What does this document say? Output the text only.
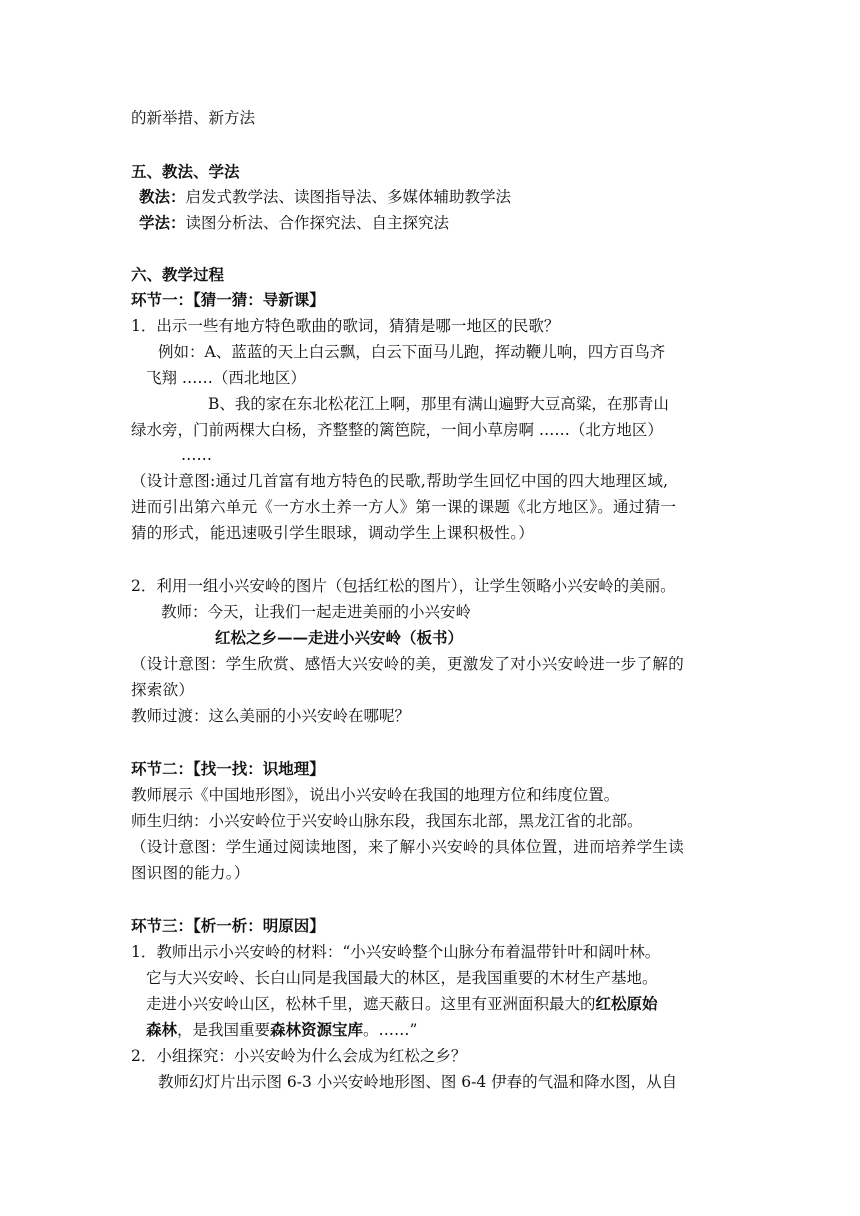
的新举措、新方法
五、教法、学法
教法：启发式教学法、读图指导法、多媒体辅助教学法
学法：读图分析法、合作探究法、自主探究法
六、教学过程
环节一：【猜一猜：导新课】
1．出示一些有地方特色歌曲的歌词，猜猜是哪一地区的民歌？
例如：A、蓝蓝的天上白云飘，白云下面马儿跑，挥动鞭儿响，四方百鸟齐
飞翔 ……（西北地区）
B、我的家在东北松花江上啊，那里有满山遍野大豆高粱，在那青山
绿水旁，门前两棵大白杨，齐整整的篱笆院，一间小草房啊 ……（北方地区）
……
（设计意图:通过几首富有地方特色的民歌,帮助学生回忆中国的四大地理区域,
进而引出第六单元《一方水土养一方人》第一课的课题《北方地区》。通过猜一
猜的形式，能迅速吸引学生眼球，调动学生上课积极性。）
2．利用一组小兴安岭的图片（包括红松的图片），让学生领略小兴安岭的美丽。
教师：今天，让我们一起走进美丽的小兴安岭
红松之乡——走进小兴安岭（板书）
（设计意图：学生欣赏、感悟大兴安岭的美，更激发了对小兴安岭进一步了解的
探索欲）
教师过渡：这么美丽的小兴安岭在哪呢？
环节二：【找一找：识地理】
教师展示《中国地形图》，说出小兴安岭在我国的地理方位和纬度位置。
师生归纳：小兴安岭位于兴安岭山脉东段，我国东北部，黑龙江省的北部。
（设计意图：学生通过阅读地图，来了解小兴安岭的具体位置，进而培养学生读
图识图的能力。）
环节三：【析一析：明原因】
1．教师出示小兴安岭的材料：“小兴安岭整个山脉分布着温带针叶和阔叶林。
它与大兴安岭、长白山同是我国最大的林区，是我国重要的木材生产基地。
走进小兴安岭山区，松林千里，遮天蔽日。这里有亚洲面积最大的红松原始
森林，是我国重要森林资源宝库。……”
2．小组探究：小兴安岭为什么会成为红松之乡？
教师幻灯片出示图 6-3 小兴安岭地形图、图 6-4 伊春的气温和降水图，从自
